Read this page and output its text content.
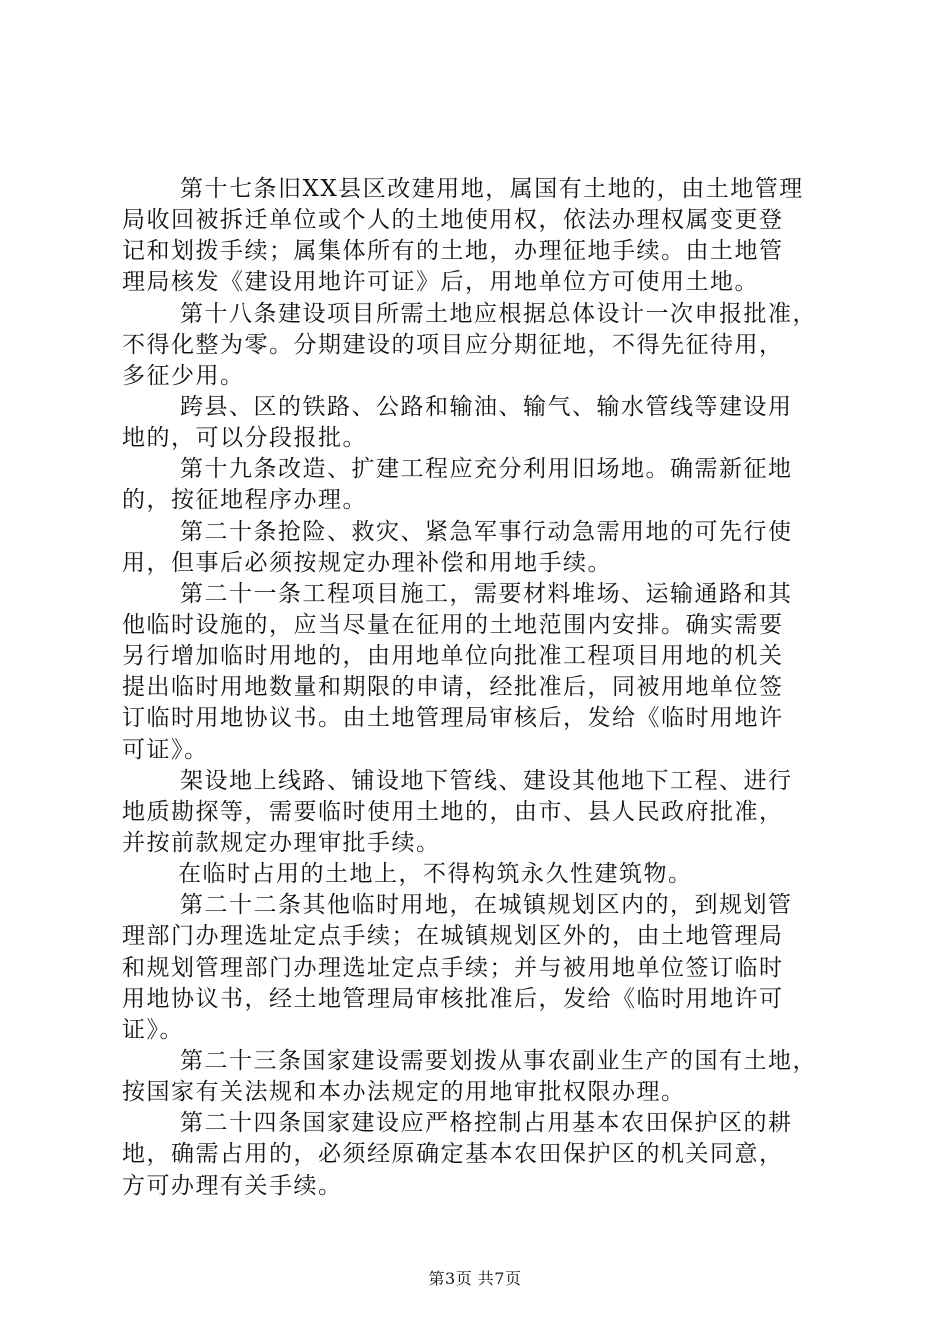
第十七条旧XX县区改建用地，属国有土地的，由土地管理
局收回被拆迁单位或个人的土地使用权，依法办理权属变更登
记和划拨手续；属集体所有的土地，办理征地手续。由土地管
理局核发《建设用地许可证》后，用地单位方可使用土地。
第十八条建设项目所需土地应根据总体设计一次申报批准，
不得化整为零。分期建设的项目应分期征地，不得先征待用，
多征少用。
跨县、区的铁路、公路和输油、输气、输水管线等建设用
地的，可以分段报批。
第十九条改造、扩建工程应充分利用旧场地。确需新征地
的，按征地程序办理。
第二十条抢险、救灾、紧急军事行动急需用地的可先行使
用，但事后必须按规定办理补偿和用地手续。
第二十一条工程项目施工，需要材料堆场、运输通路和其
他临时设施的，应当尽量在征用的土地范围内安排。确实需要
另行增加临时用地的，由用地单位向批准工程项目用地的机关
提出临时用地数量和期限的申请，经批准后，同被用地单位签
订临时用地协议书。由土地管理局审核后，发给《临时用地许
可证》。
架设地上线路、铺设地下管线、建设其他地下工程、进行
地质勘探等，需要临时使用土地的，由市、县人民政府批准，
并按前款规定办理审批手续。
在临时占用的土地上，不得构筑永久性建筑物。
第二十二条其他临时用地，在城镇规划区内的，到规划管
理部门办理选址定点手续；在城镇规划区外的，由土地管理局
和规划管理部门办理选址定点手续；并与被用地单位签订临时
用地协议书，经土地管理局审核批准后，发给《临时用地许可
证》。
第二十三条国家建设需要划拨从事农副业生产的国有土地，
按国家有关法规和本办法规定的用地审批权限办理。
第二十四条国家建设应严格控制占用基本农田保护区的耕
地，确需占用的，必须经原确定基本农田保护区的机关同意，
方可办理有关手续。
第3页 共7页
